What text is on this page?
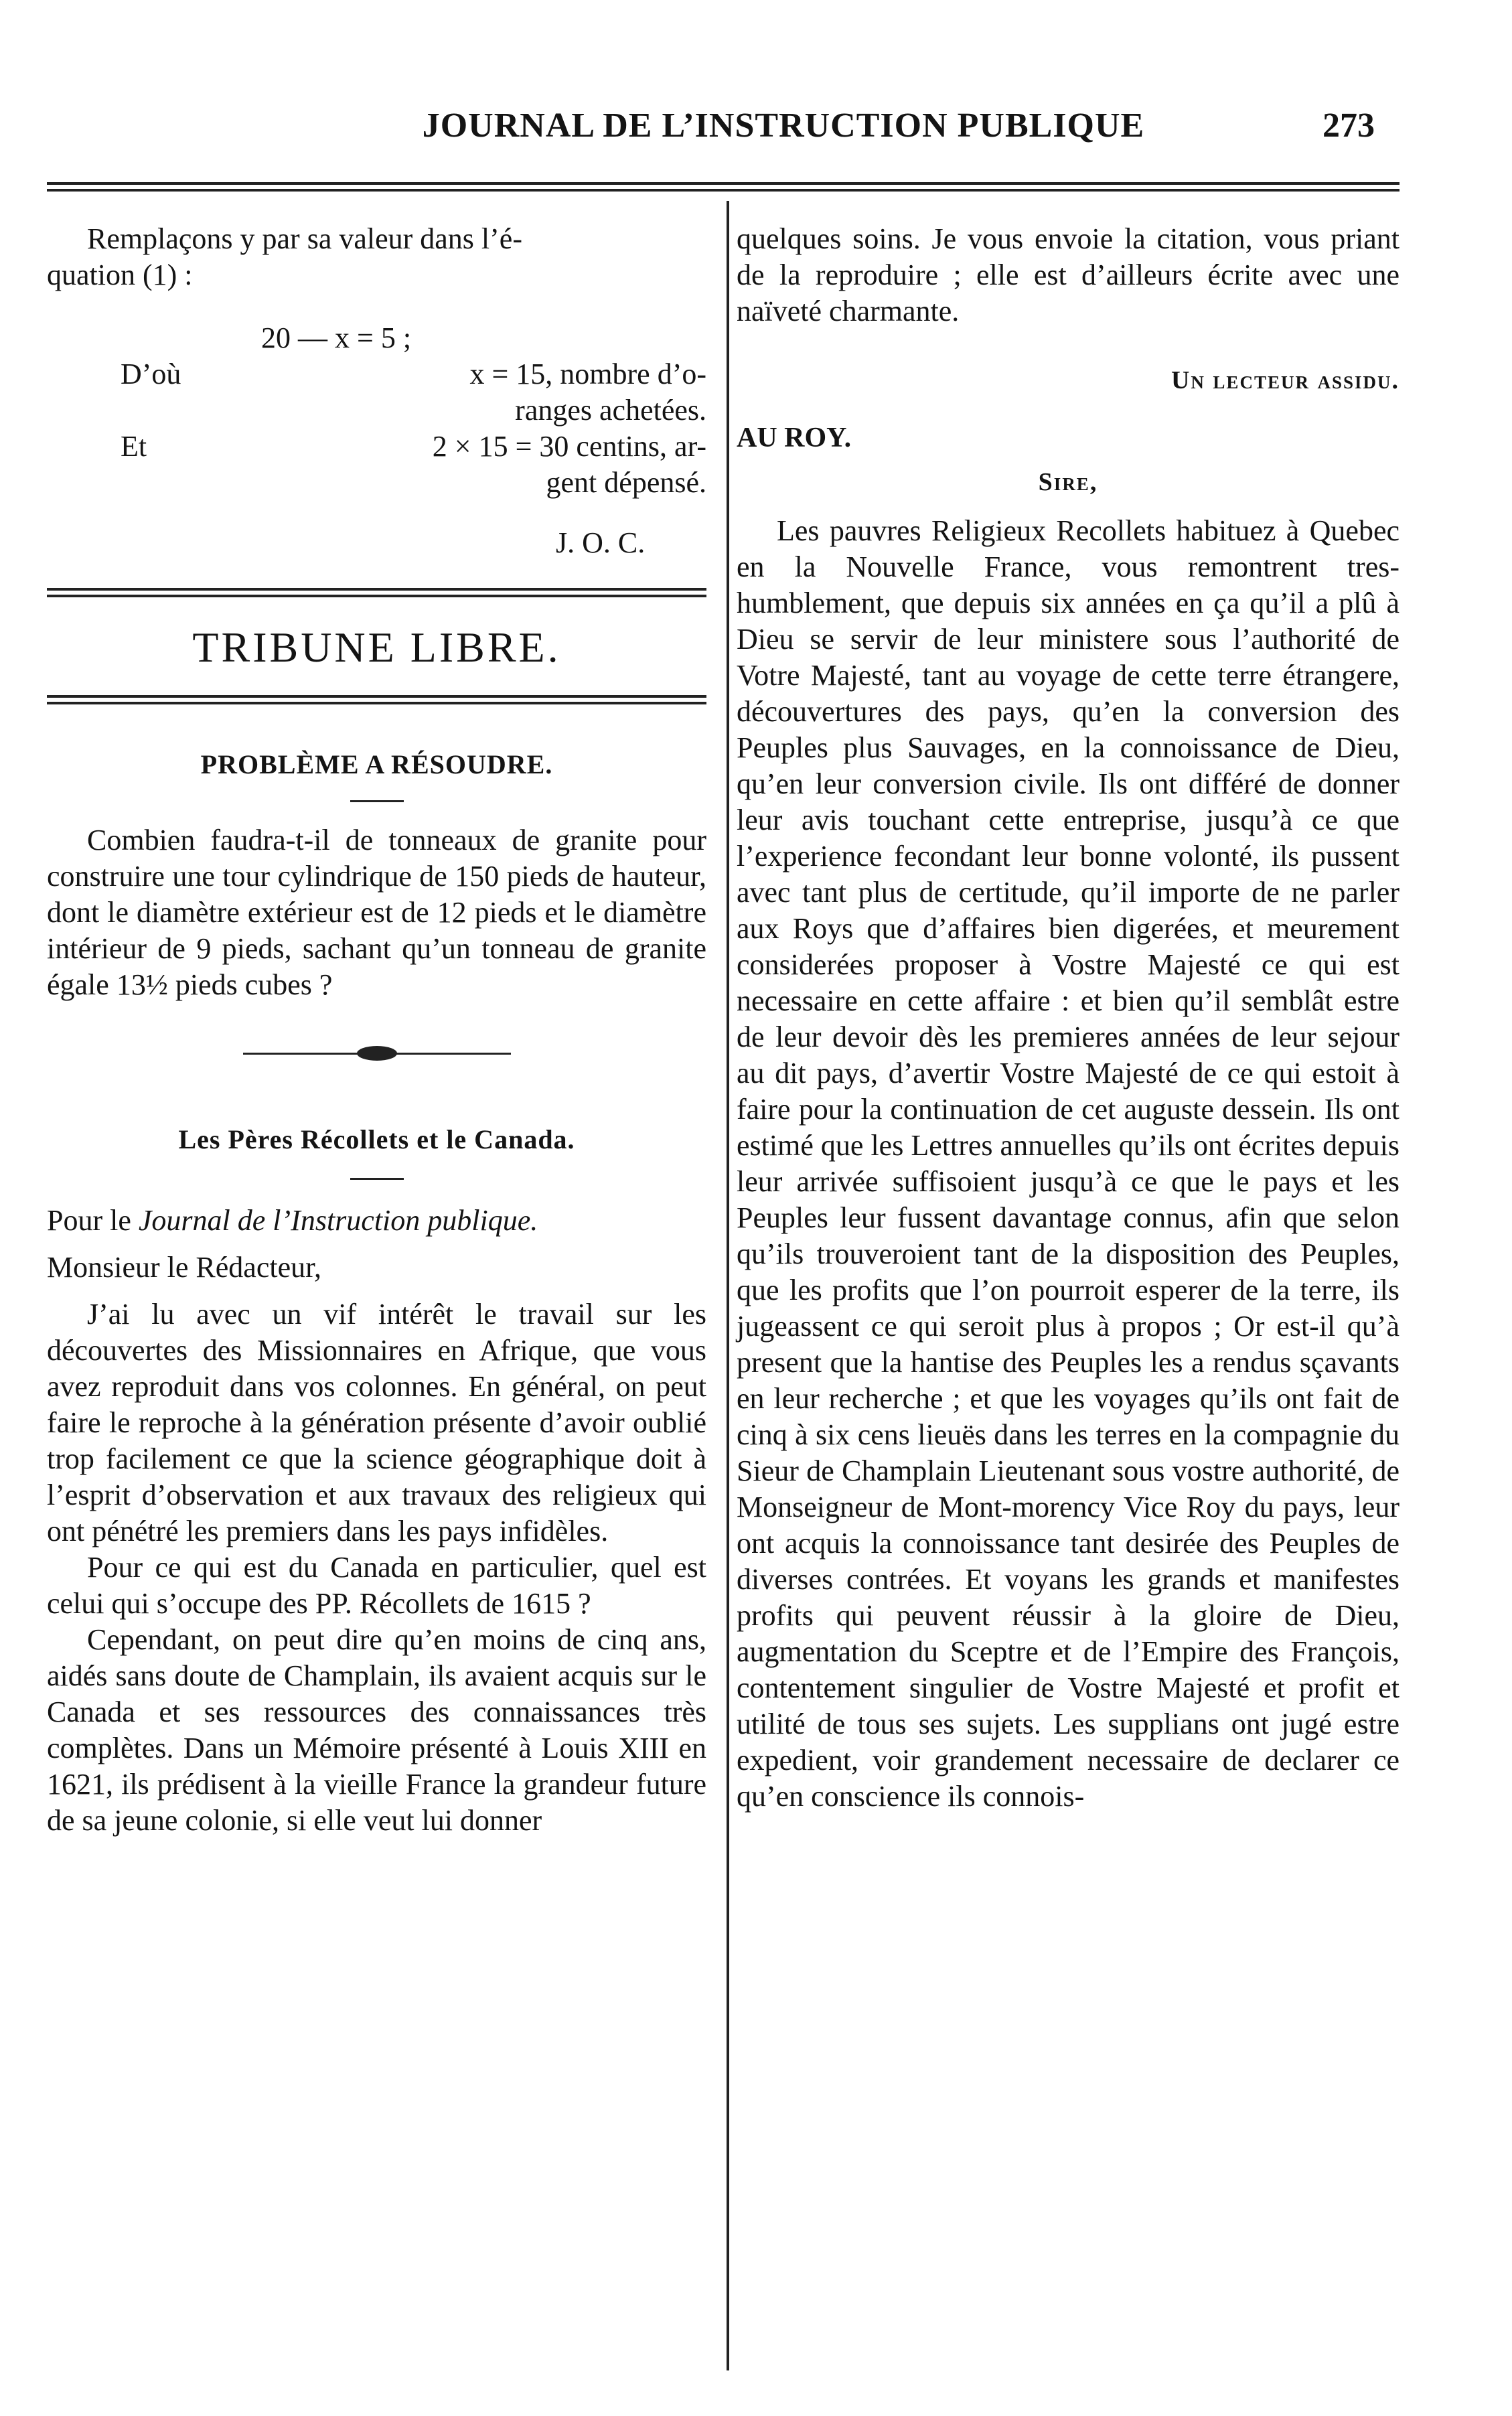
JOURNAL DE L’INSTRUCTION PUBLIQUE	273
Remplaçons y par sa valeur dans l’é-
quation (1) :
20 — x = 5 ;
D’où	x = 15, nombre d’o-
ranges achetées.
Et	2 × 15 = 30 centins, ar-
gent dépensé.
J. O. C.
TRIBUNE LIBRE.
PROBLÈME A RÉSOUDRE.

Combien faudra-t-il de tonneaux de granite pour construire une tour cylindrique de 150 pieds de hauteur, dont le diamètre extérieur est de 12 pieds et le diamètre intérieur de 9 pieds, sachant qu’un tonneau de granite égale 13½ pieds cubes ?

Les Pères Récollets et le Canada.
Pour le Journal de l’Instruction publique.
Monsieur le Rédacteur,

J’ai lu avec un vif intérêt le travail sur les découvertes des Missionnaires en Afrique, que vous avez reproduit dans vos colonnes. En général, on peut faire le reproche à la génération présente d’avoir oublié trop facilement ce que la science géographique doit à l’esprit d’observation et aux travaux des religieux qui ont pénétré les premiers dans les pays infidèles.

Pour ce qui est du Canada en particulier, quel est celui qui s’occupe des PP. Récollets de 1615 ?

Cependant, on peut dire qu’en moins de cinq ans, aidés sans doute de Champlain, ils avaient acquis sur le Canada et ses ressources des connaissances très complètes. Dans un Mémoire présenté à Louis XIII en 1621, ils prédisent à la vieille France la grandeur future de sa jeune colonie, si elle veut lui donner

quelques soins. Je vous envoie la citation, vous priant de la reproduire ; elle est d’ailleurs écrite avec une naïveté charmante.

Un lecteur assidu.
AU ROY.
Sire,

Les pauvres Religieux Recollets habituez à Quebec en la Nouvelle France, vous remontrent tres-humblement, que depuis six années en ça qu’il a plû à Dieu se servir de leur ministere sous l’authorité de Votre Majesté, tant au voyage de cette terre étrangere, découvertures des pays, qu’en la conversion des Peuples plus Sauvages, en la connoissance de Dieu, qu’en leur conversion civile. Ils ont différé de donner leur avis touchant cette entreprise, jusqu’à ce que l’experience fecondant leur bonne volonté, ils pussent avec tant plus de certitude, qu’il importe de ne parler aux Roys que d’affaires bien digerées, et meurement considerées proposer à Vostre Majesté ce qui est necessaire en cette affaire : et bien qu’il semblât estre de leur devoir dès les premieres années de leur sejour au dit pays, d’avertir Vostre Majesté de ce qui estoit à faire pour la continuation de cet auguste dessein. Ils ont estimé que les Lettres annuelles qu’ils ont écrites depuis leur arrivée suffisoient jusqu’à ce que le pays et les Peuples leur fussent davantage connus, afin que selon qu’ils trouveroient tant de la disposition des Peuples, que les profits que l’on pourroit esperer de la terre, ils jugeassent ce qui seroit plus à propos ; Or est-il qu’à present que la hantise des Peuples les a rendus sçavants en leur recherche ; et que les voyages qu’ils ont fait de cinq à six cens lieuës dans les terres en la compagnie du Sieur de Champlain Lieutenant sous vostre authorité, de Monseigneur de Mont-morency Vice Roy du pays, leur ont acquis la connoissance tant desirée des Peuples de diverses contrées. Et voyans les grands et manifestes profits qui peuvent réussir à la gloire de Dieu, augmentation du Sceptre et de l’Empire des François, contentement singulier de Vostre Majesté et profit et utilité de tous ses sujets. Les supplians ont jugé estre expedient, voir grandement necessaire de declarer ce qu’en conscience ils connois-
